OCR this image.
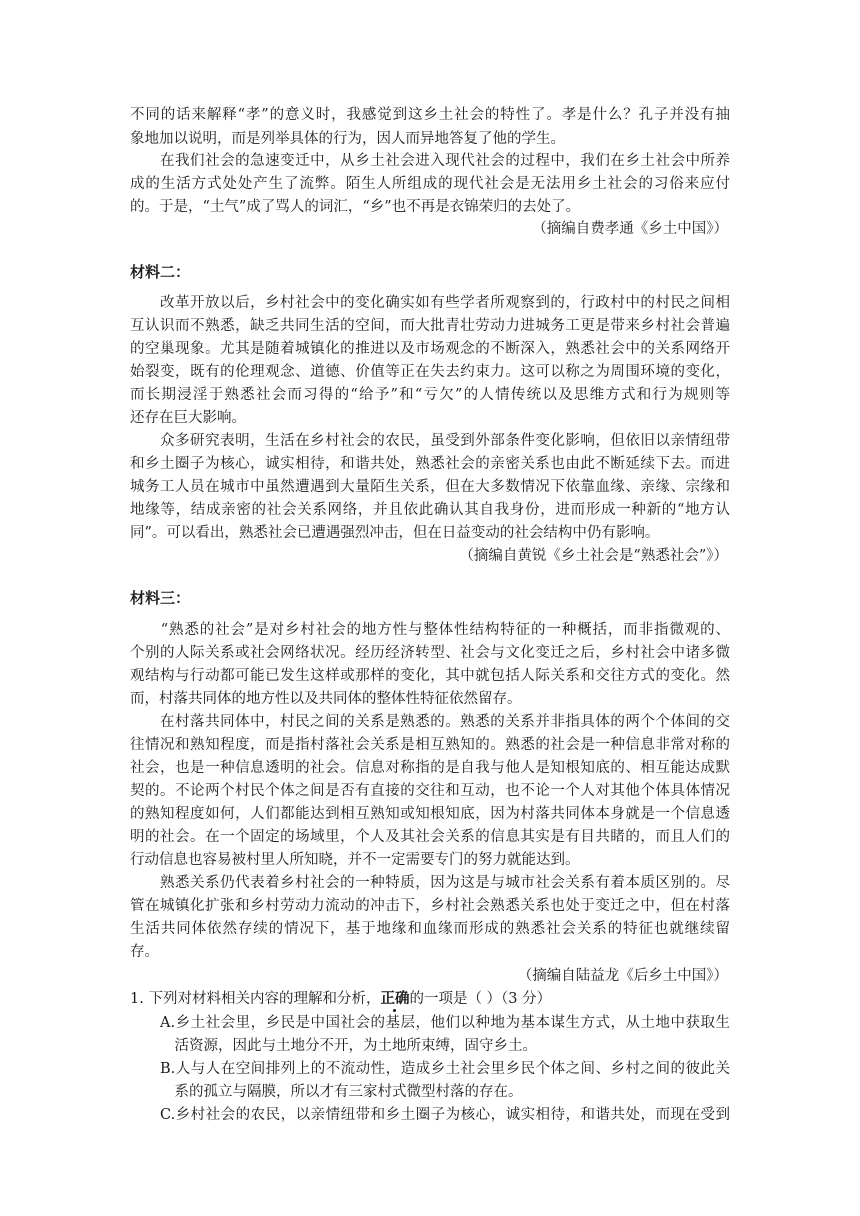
不同的话来解释“孝”的意义时，我感觉到这乡土社会的特性了。孝是什么？孔子并没有抽
象地加以说明，而是列举具体的行为，因人而异地答复了他的学生。
　　在我们社会的急速变迁中，从乡土社会进入现代社会的过程中，我们在乡土社会中所养
成的生活方式处处产生了流弊。陌生人所组成的现代社会是无法用乡土社会的习俗来应付
的。于是，“土气”成了骂人的词汇，“乡”也不再是衣锦荣归的去处了。
（摘编自费孝通《乡土中国》）
材料二：
　　改革开放以后，乡村社会中的变化确实如有些学者所观察到的，行政村中的村民之间相
互认识而不熟悉，缺乏共同生活的空间，而大批青壮劳动力进城务工更是带来乡村社会普遍
的空巢现象。尤其是随着城镇化的推进以及市场观念的不断深入，熟悉社会中的关系网络开
始裂变，既有的伦理观念、道德、价值等正在失去约束力。这可以称之为周围环境的变化，
而长期浸淫于熟悉社会而习得的“给予”和“亏欠”的人情传统以及思维方式和行为规则等
还存在巨大影响。
　　众多研究表明，生活在乡村社会的农民，虽受到外部条件变化影响，但依旧以亲情纽带
和乡土圈子为核心，诚实相待，和谐共处，熟悉社会的亲密关系也由此不断延续下去。而进
城务工人员在城市中虽然遭遇到大量陌生关系，但在大多数情况下依靠血缘、亲缘、宗缘和
地缘等，结成亲密的社会关系网络，并且依此确认其自我身份，进而形成一种新的“地方认
同”。可以看出，熟悉社会已遭遇强烈冲击，但在日益变动的社会结构中仍有影响。
（摘编自黄锐《乡土社会是“熟悉社会”》）
材料三：
　　“熟悉的社会”是对乡村社会的地方性与整体性结构特征的一种概括，而非指微观的、
个别的人际关系或社会网络状况。经历经济转型、社会与文化变迁之后，乡村社会中诸多微
观结构与行动都可能已发生这样或那样的变化，其中就包括人际关系和交往方式的变化。然
而，村落共同体的地方性以及共同体的整体性特征依然留存。
　　在村落共同体中，村民之间的关系是熟悉的。熟悉的关系并非指具体的两个个体间的交
往情况和熟知程度，而是指村落社会关系是相互熟知的。熟悉的社会是一种信息非常对称的
社会，也是一种信息透明的社会。信息对称指的是自我与他人是知根知底的、相互能达成默
契的。不论两个村民个体之间是否有直接的交往和互动，也不论一个人对其他个体具体情况
的熟知程度如何，人们都能达到相互熟知或知根知底，因为村落共同体本身就是一个信息透
明的社会。在一个固定的场域里，个人及其社会关系的信息其实是有目共睹的，而且人们的
行动信息也容易被村里人所知晓，并不一定需要专门的努力就能达到。
　　熟悉关系仍代表着乡村社会的一种特质，因为这是与城市社会关系有着本质区别的。尽
管在城镇化扩张和乡村劳动力流动的冲击下，乡村社会熟悉关系也处于变迁之中，但在村落
生活共同体依然存续的情况下，基于地缘和血缘而形成的熟悉社会关系的特征也就继续留
存。
（摘编自陆益龙《后乡土中国》）
1. 下列对材料相关内容的理解和分析，正确的一项是（ ）（3 分）
A.乡土社会里，乡民是中国社会的基层，他们以种地为基本谋生方式，从土地中获取生
　活资源，因此与土地分不开，为土地所束缚，固守乡土。
B.人与人在空间排列上的不流动性，造成乡土社会里乡民个体之间、乡村之间的彼此关
　系的孤立与隔膜，所以才有三家村式微型村落的存在。
C.乡村社会的农民，以亲情纽带和乡土圈子为核心，诚实相待，和谐共处，而现在受到
